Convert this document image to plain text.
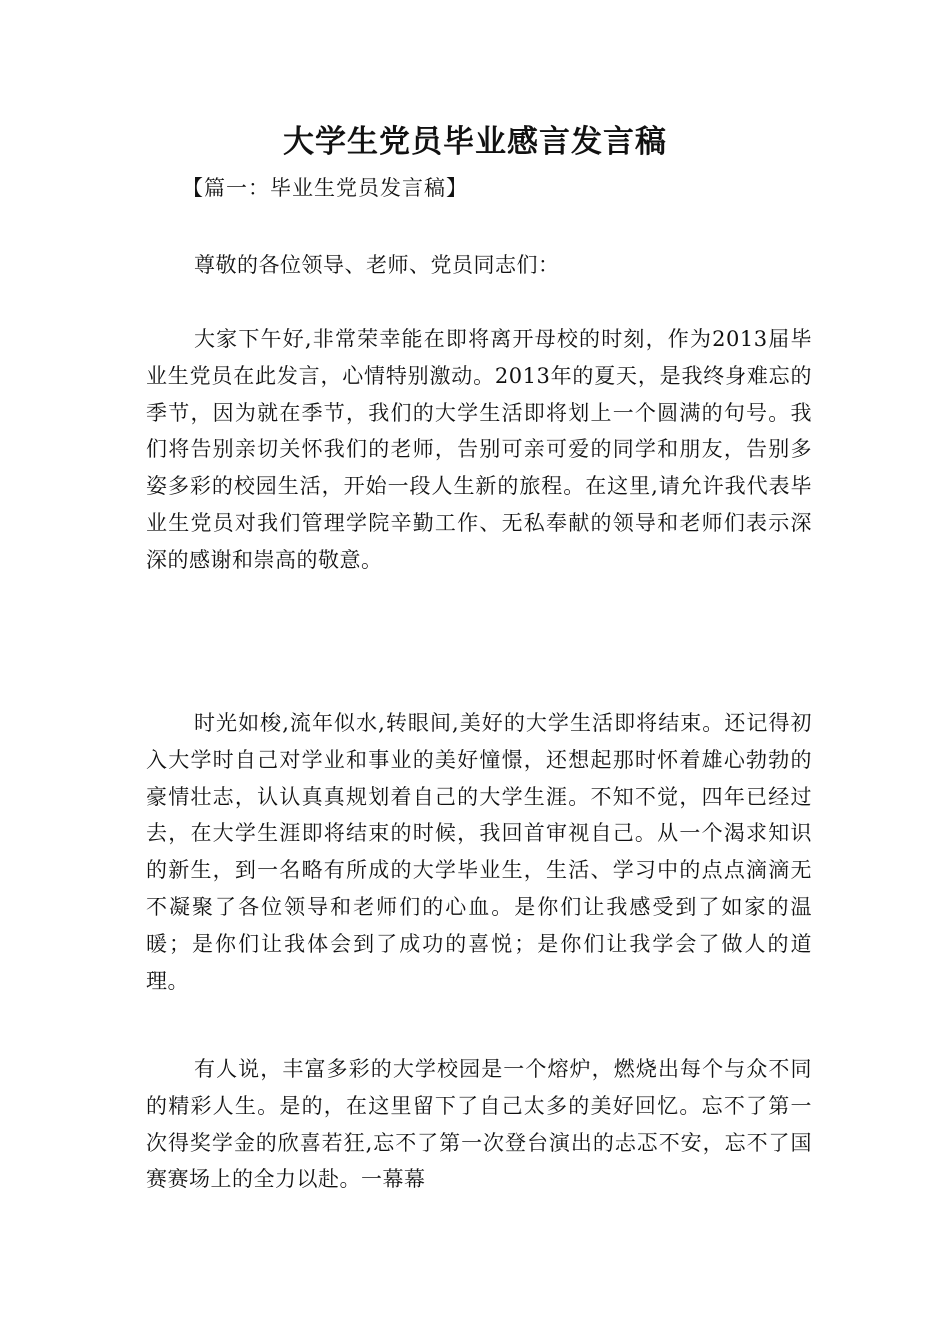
大学生党员毕业感言发言稿
【篇一：毕业生党员发言稿】

尊敬的各位领导、老师、党员同志们：

大家下午好,非常荣幸能在即将离开母校的时刻，作为2013届毕业生党员在此发言，心情特别激动。2013年的夏天，是我终身难忘的季节，因为就在季节，我们的大学生活即将划上一个圆满的句号。我们将告别亲切关怀我们的老师，告别可亲可爱的同学和朋友，告别多姿多彩的校园生活，开始一段人生新的旅程。在这里,请允许我代表毕业生党员对我们管理学院辛勤工作、无私奉献的领导和老师们表示深深的感谢和崇高的敬意。

时光如梭,流年似水,转眼间,美好的大学生活即将结束。还记得初入大学时自己对学业和事业的美好憧憬，还想起那时怀着雄心勃勃的豪情壮志，认认真真规划着自己的大学生涯。不知不觉，四年已经过去，在大学生涯即将结束的时候，我回首审视自己。从一个渴求知识的新生，到一名略有所成的大学毕业生，生活、学习中的点点滴滴无不凝聚了各位领导和老师们的心血。是你们让我感受到了如家的温暖；是你们让我体会到了成功的喜悦；是你们让我学会了做人的道理。

有人说，丰富多彩的大学校园是一个熔炉，燃烧出每个与众不同的精彩人生。是的，在这里留下了自己太多的美好回忆。忘不了第一次得奖学金的欣喜若狂,忘不了第一次登台演出的忐忑不安，忘不了国赛赛场上的全力以赴。一幕幕
